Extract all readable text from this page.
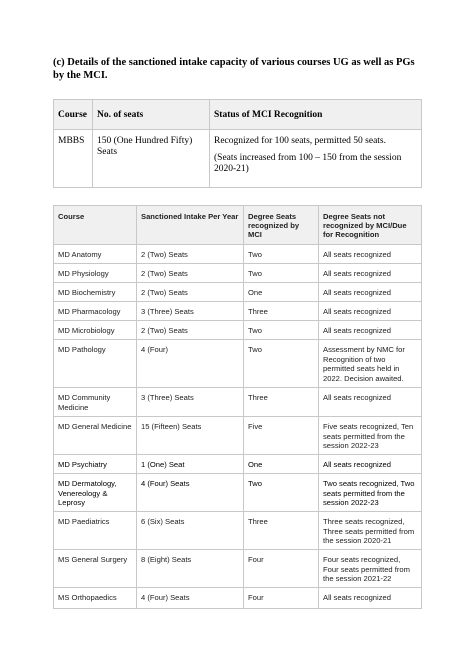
(c) Details of the sanctioned intake capacity of various courses UG as well as PGs by the MCI.
Course	No. of seats	Status of MCI Recognition
MBBS	150 (One Hundred Fifty) Seats	Recognized for 100 seats, permitted 50 seats.

(Seats increased from 100 – 150 from the session 2020-21)

Course	Sanctioned Intake Per Year	Degree Seats recognized by MCI	Degree Seats not recognized by MCI/Due for Recognition
MD Anatomy	2 (Two) Seats	Two	All seats recognized
MD Physiology	2 (Two) Seats	Two	All seats recognized
MD Biochemistry	2 (Two) Seats	One	All seats recognized
MD Pharmacology	3 (Three) Seats	Three	All seats recognized
MD Microbiology	2 (Two) Seats	Two	All seats recognized
MD Pathology	4 (Four)	Two	Assessment by NMC for Recognition of two permitted seats held in 2022. Decision awaited.
MD Community Medicine	3 (Three) Seats	Three	All seats recognized
MD General Medicine	15 (Fifteen) Seats	Five	Five seats recognized, Ten seats permitted from the session 2022-23
MD Psychiatry	1 (One) Seat	One	All seats recognized
MD Dermatology, Venereology & Leprosy	4 (Four) Seats	Two	Two seats recognized, Two seats permitted from the session 2022-23
MD Paediatrics	6 (Six) Seats	Three	Three seats recognized, Three seats permitted from the session 2020-21
MS General Surgery	8 (Eight) Seats	Four	Four seats recognized, Four seats permitted from the session 2021-22
MS Orthopaedics	4 (Four) Seats	Four	All seats recognized
